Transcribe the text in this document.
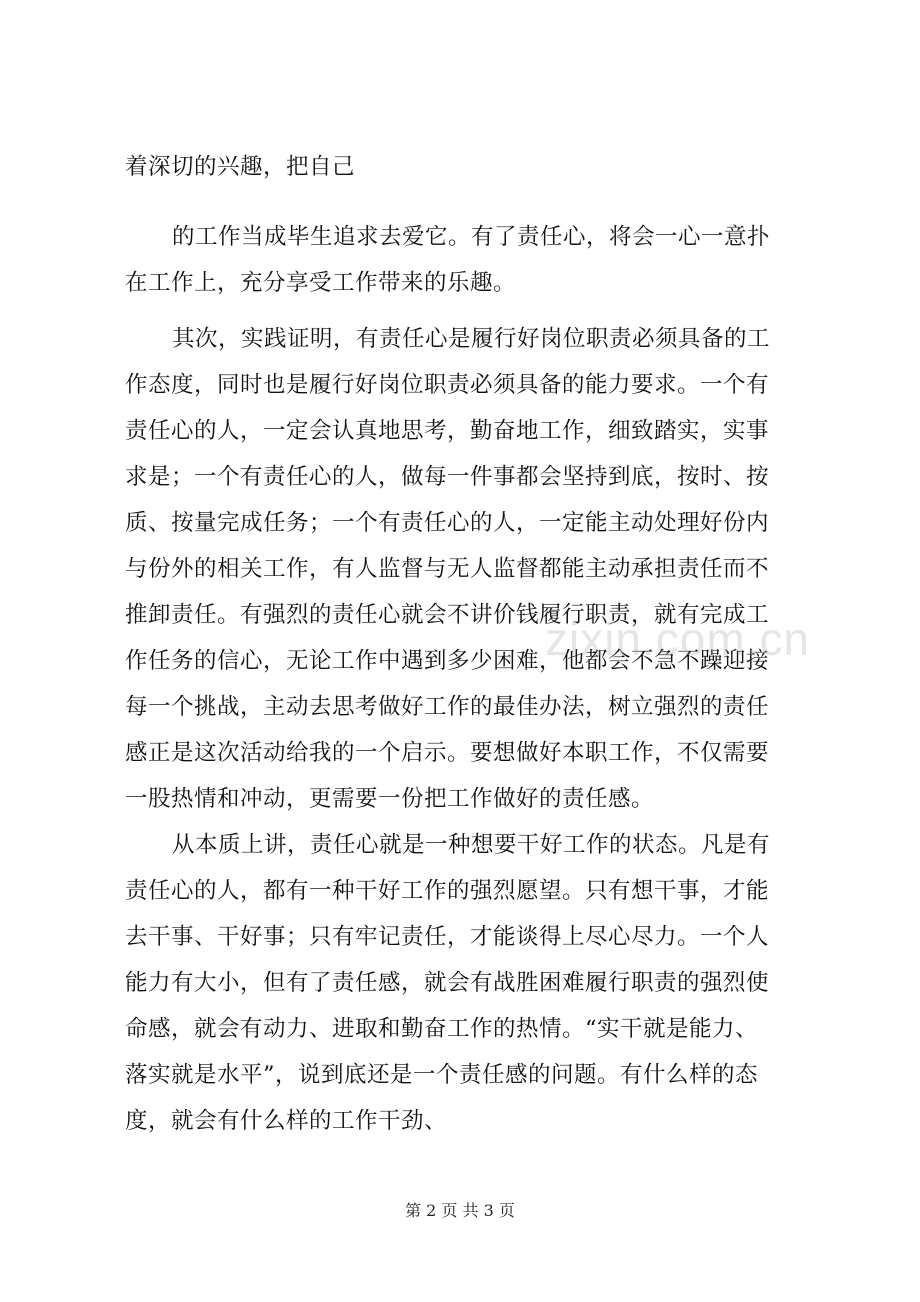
着深切的兴趣，把自己
的工作当成毕生追求去爱它。有了责任心，将会一心一意扑
在工作上，充分享受工作带来的乐趣。
其次，实践证明，有责任心是履行好岗位职责必须具备的工
作态度，同时也是履行好岗位职责必须具备的能力要求。一个有
责任心的人，一定会认真地思考，勤奋地工作，细致踏实，实事
求是；一个有责任心的人，做每一件事都会坚持到底，按时、按
质、按量完成任务；一个有责任心的人，一定能主动处理好份内
与份外的相关工作，有人监督与无人监督都能主动承担责任而不
推卸责任。有强烈的责任心就会不讲价钱履行职责，就有完成工
作任务的信心，无论工作中遇到多少困难，他都会不急不躁迎接
每一个挑战，主动去思考做好工作的最佳办法，树立强烈的责任
感正是这次活动给我的一个启示。要想做好本职工作，不仅需要
一股热情和冲动，更需要一份把工作做好的责任感。
从本质上讲，责任心就是一种想要干好工作的状态。凡是有
责任心的人，都有一种干好工作的强烈愿望。只有想干事，才能
去干事、干好事；只有牢记责任，才能谈得上尽心尽力。一个人
能力有大小，但有了责任感，就会有战胜困难履行职责的强烈使
命感，就会有动力、进取和勤奋工作的热情。“实干就是能力、
落实就是水平”，说到底还是一个责任感的问题。有什么样的态
度，就会有什么样的工作干劲、
zixin.com.cn
第 2 页 共 3 页
